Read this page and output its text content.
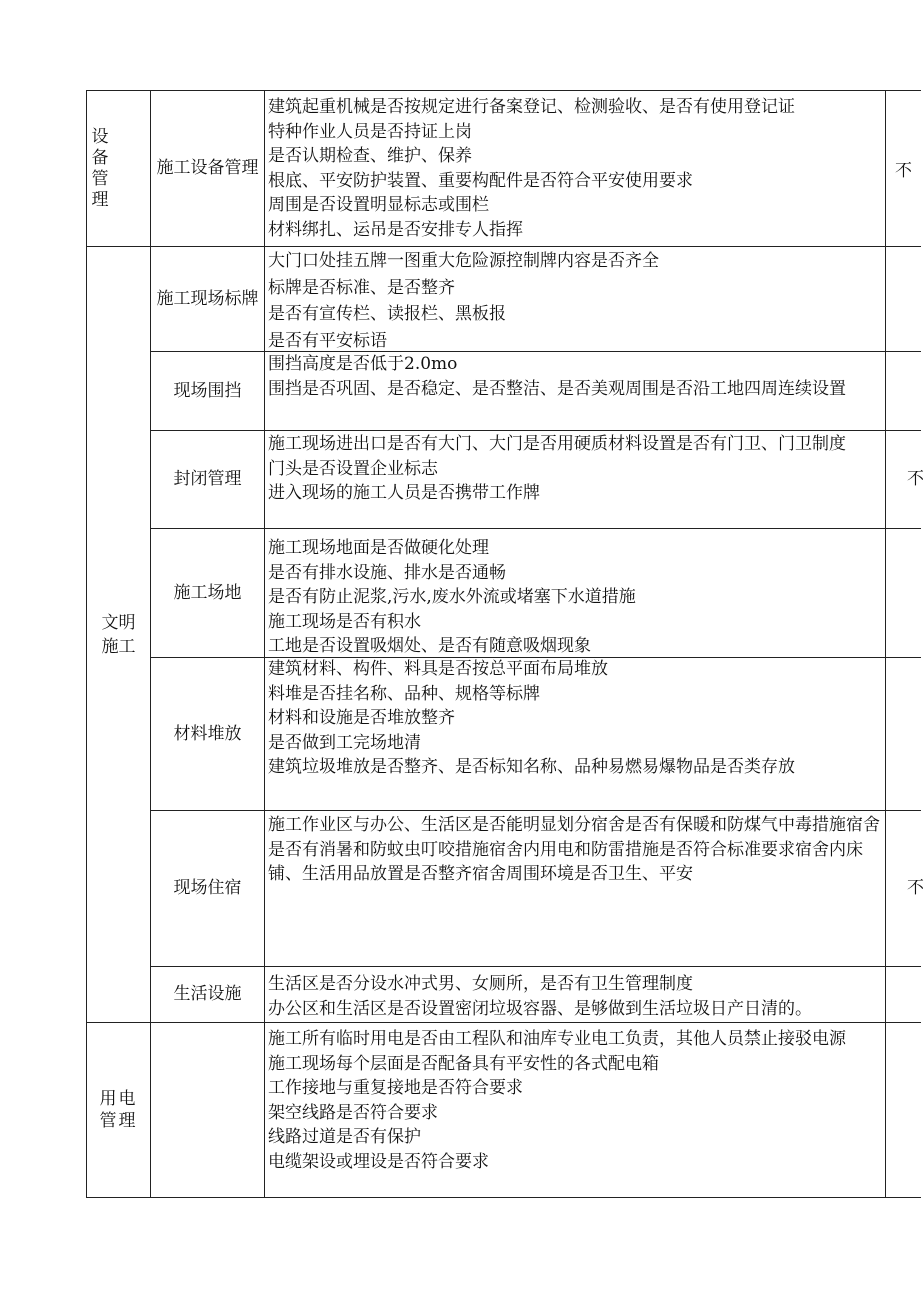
设备管理
施工设备管理
建筑起重机械是否按规定进行备案登记、检测验收、是否有使用登记证
特种作业人员是否持证上岗
是否认期检查、维护、保养
根底、平安防护装置、重要构配件是否符合平安使用要求
周围是否设置明显标志或围栏
材料绑扎、运吊是否安排专人指挥
不
文明施工
施工现场标牌
大门口处挂五牌一图重大危险源控制牌内容是否齐全
标牌是否标准、是否整齐
是否有宣传栏、读报栏、黑板报
是否有平安标语
现场围挡
围挡高度是否低于2.0mo
围挡是否巩固、是否稳定、是否整洁、是否美观周围是否沿工地四周连续设置
封闭管理
施工现场进出口是否有大门、大门是否用硬质材料设置是否有门卫、门卫制度
门头是否设置企业标志
进入现场的施工人员是否携带工作牌
不
施工场地
施工现场地面是否做硬化处理
是否有排水设施、排水是否通畅
是否有防止泥浆,污水,废水外流或堵塞下水道措施
施工现场是否有积水
工地是否设置吸烟处、是否有随意吸烟现象
材料堆放
建筑材料、构件、料具是否按总平面布局堆放
料堆是否挂名称、品种、规格等标牌
材料和设施是否堆放整齐
是否做到工完场地清
建筑垃圾堆放是否整齐、是否标知名称、品种易燃易爆物品是否类存放
现场住宿
施工作业区与办公、生活区是否能明显划分宿舍是否有保暖和防煤气中毒措施宿舍是否有消暑和防蚊虫叮咬措施宿舍内用电和防雷措施是否符合标准要求宿舍内床铺、生活用品放置是否整齐宿舍周围环境是否卫生、平安
不
生活设施 生活区是否分设水冲式男、女厕所，是否有卫生管理制度
办公区和生活区是否设置密闭垃圾容器、是够做到生活垃圾日产日清的。
用电管理
施工所有临时用电是否由工程队和油库专业电工负责，其他人员禁止接驳电源
施工现场每个层面是否配备具有平安性的各式配电箱
工作接地与重复接地是否符合要求
架空线路是否符合要求
线路过道是否有保护
电缆架设或埋设是否符合要求
